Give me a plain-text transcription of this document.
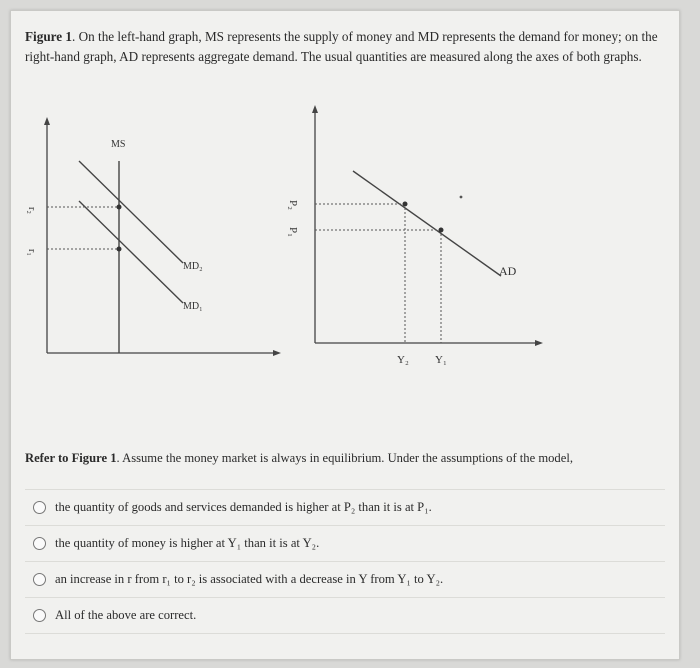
Figure 1. On the left-hand graph, MS represents the supply of money and MD represents the demand for money; on the right-hand graph, AD represents aggregate demand. The usual quantities are measured along the axes of both graphs.
MS
r₂
r₁
MD₂
MD₁
P₂
P₁
AD
Y₂ Y₁
Refer to Figure 1. Assume the money market is always in equilibrium. Under the assumptions of the model,
the quantity of goods and services demanded is higher at P₂ than it is at P₁.
the quantity of money is higher at Y₁ than it is at Y₂.
an increase in r from r₁ to r₂ is associated with a decrease in Y from Y₁ to Y₂.
All of the above are correct.
